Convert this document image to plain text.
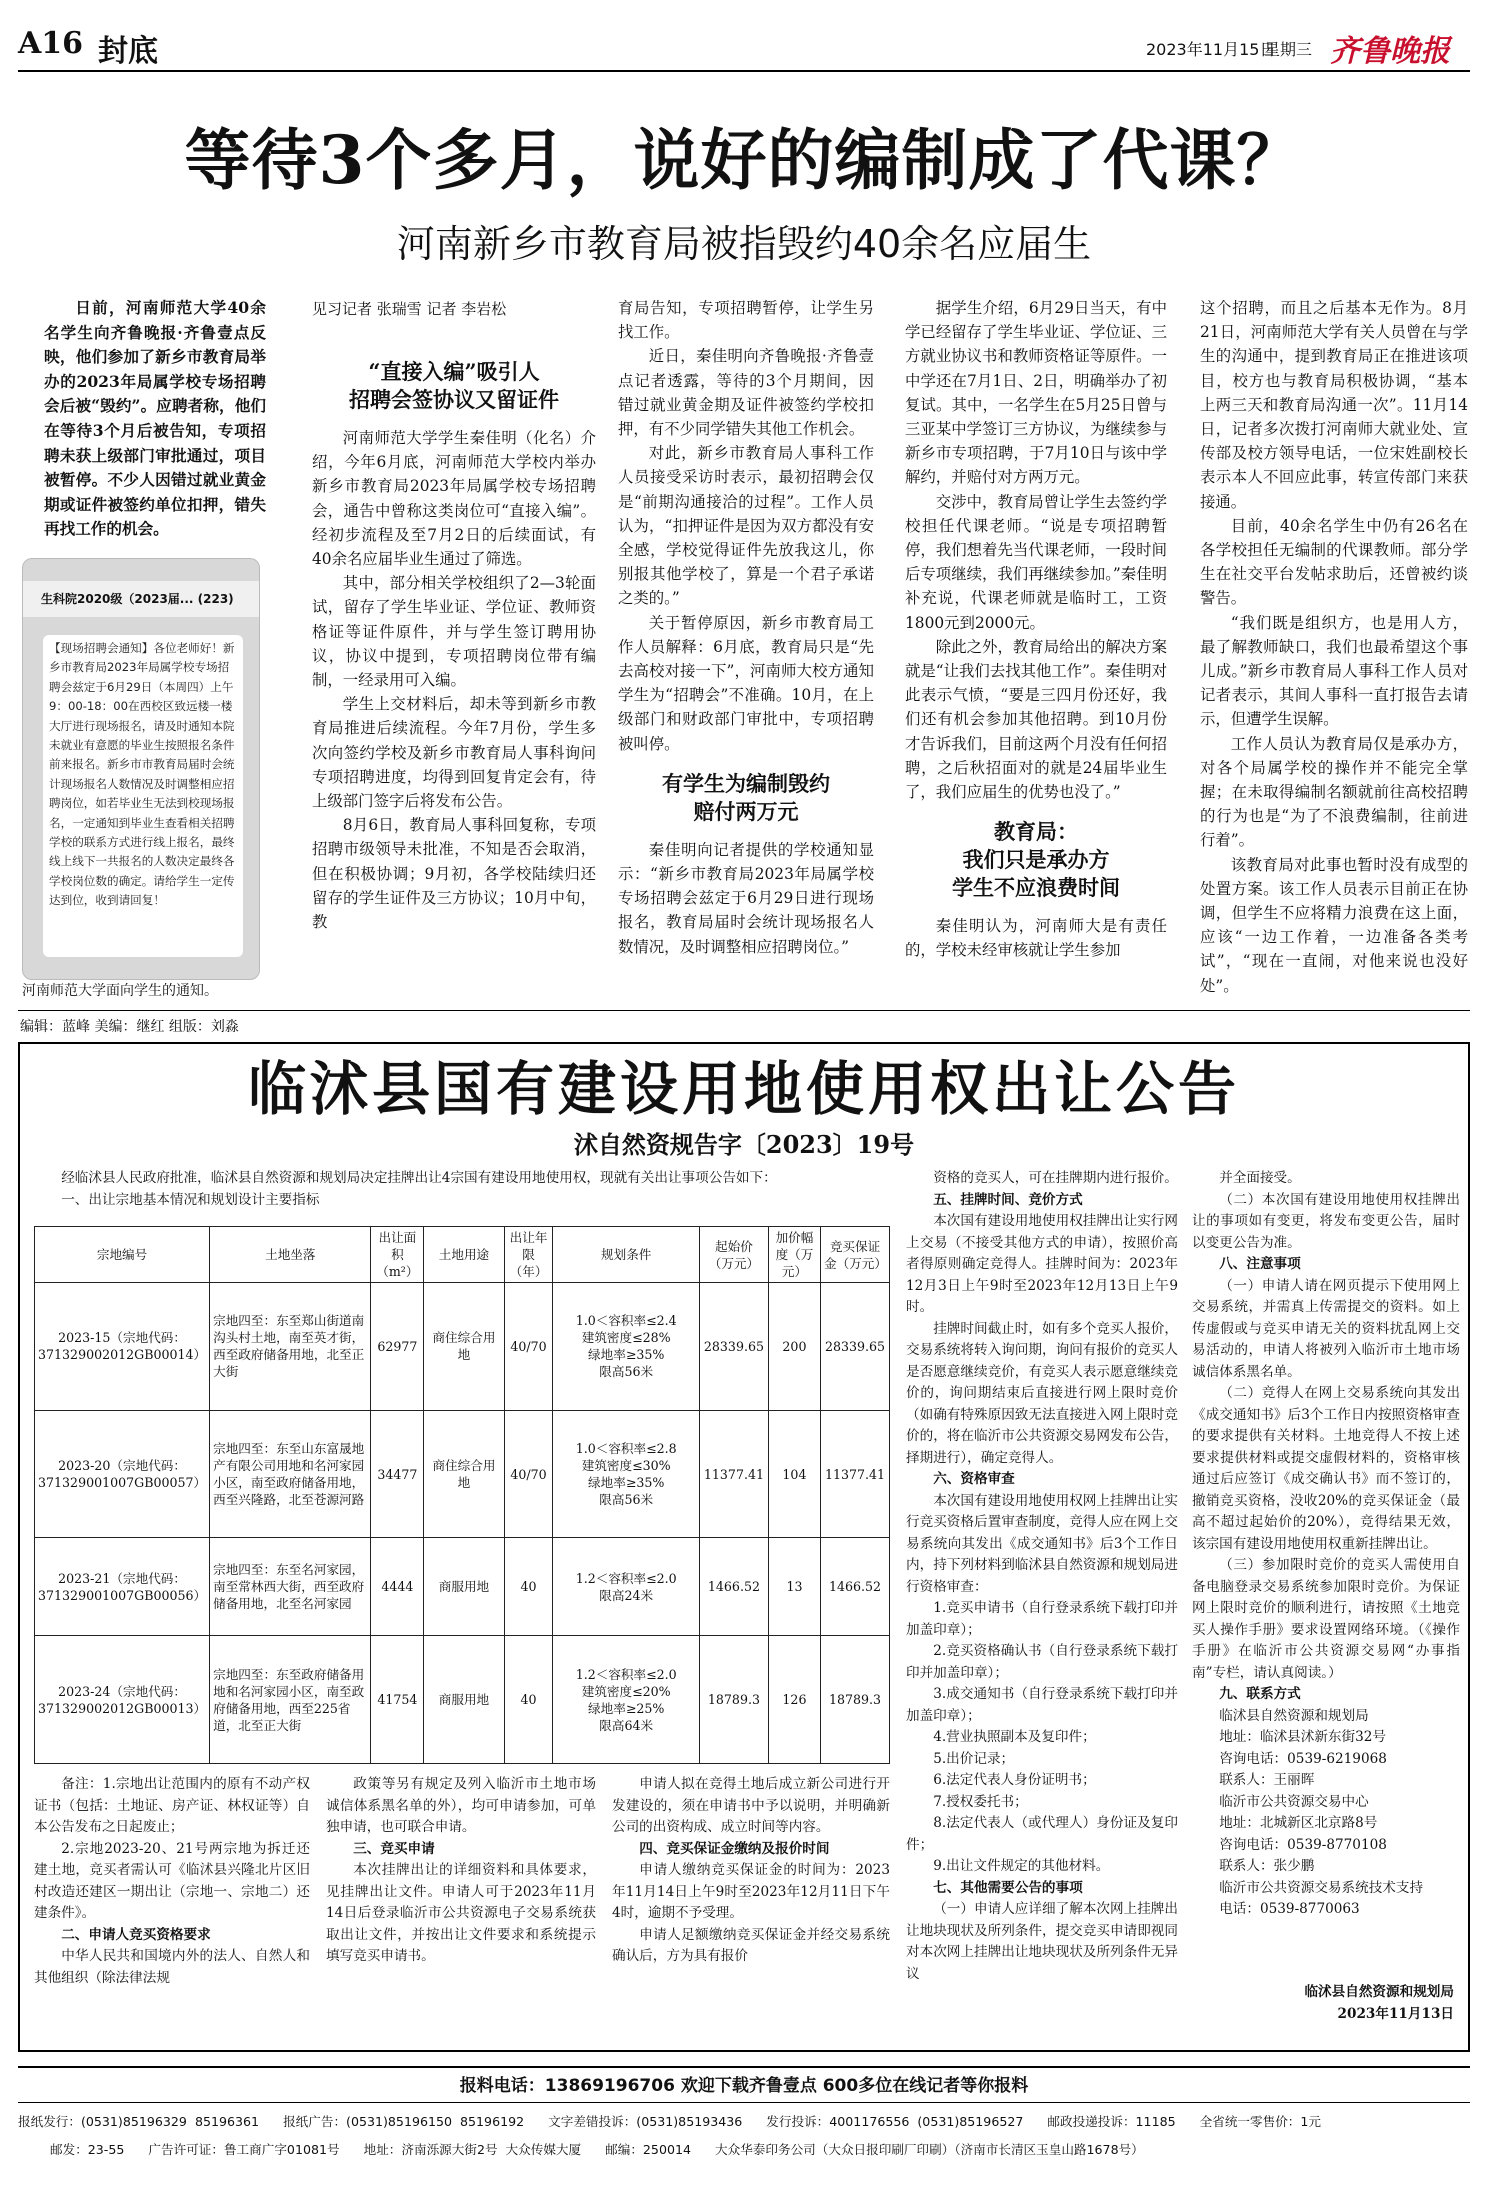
A16 封底	2023年11月15日
星期三 齐鲁晚报
等待3个多月，说好的编制成了代课？
河南新乡市教育局被指毁约40余名应届生
日前，河南师范大学40余名学生向齐鲁晚报·齐鲁壹点反映，他们参加了新乡市教育局举办的2023年局属学校专场招聘会后被“毁约”。应聘者称，他们在等待3个月后被告知，专项招聘未获上级部门审批通过，项目被暂停。不少人因错过就业黄金期或证件被签约单位扣押，错失再找工作的机会。
生科院2020级（2023届... (223)
【现场招聘会通知】各位老师好！新乡市教育局2023年局属学校专场招聘会兹定于6月29日（本周四）上午9：00-18：00在西校区致远楼一楼大厅进行现场报名，请及时通知本院未就业有意愿的毕业生按照报名条件前来报名。新乡市市教育局届时会统计现场报名人数情况及时调整相应招聘岗位，如若毕业生无法到校现场报名，一定通知到毕业生查看相关招聘学校的联系方式进行线上报名，最终线上线下一共报名的人数决定最终各学校岗位数的确定。请给学生一定传达到位，收到请回复！
河南师范大学面向学生的通知。
见习记者 张瑞雪 记者 李岩松
“直接入编”吸引人
招聘会签协议又留证件

河南师范大学学生秦佳明（化名）介绍，今年6月底，河南师范大学校内举办新乡市教育局2023年局属学校专场招聘会，通告中曾称这类岗位可“直接入编”。经初步流程及至7月2日的后续面试，有40余名应届毕业生通过了筛选。

其中，部分相关学校组织了2—3轮面试，留存了学生毕业证、学位证、教师资格证等证件原件，并与学生签订聘用协议，协议中提到，专项招聘岗位带有编制，一经录用可入编。

学生上交材料后，却未等到新乡市教育局推进后续流程。今年7月份，学生多次向签约学校及新乡市教育局人事科询问专项招聘进度，均得到回复肯定会有，待上级部门签字后将发布公告。

8月6日，教育局人事科回复称，专项招聘市级领导未批准，不知是否会取消，但在积极协调；9月初，各学校陆续归还留存的学生证件及三方协议；10月中旬，教

育局告知，专项招聘暂停，让学生另找工作。

近日，秦佳明向齐鲁晚报·齐鲁壹点记者透露，等待的3个月期间，因错过就业黄金期及证件被签约学校扣押，有不少同学错失其他工作机会。

对此，新乡市教育局人事科工作人员接受采访时表示，最初招聘会仅是“前期沟通接洽的过程”。工作人员认为，“扣押证件是因为双方都没有安全感，学校觉得证件先放我这儿，你别报其他学校了，算是一个君子承诺之类的。”

关于暂停原因，新乡市教育局工作人员解释：6月底，教育局只是“先去高校对接一下”，河南师大校方通知学生为“招聘会”不准确。10月，在上级部门和财政部门审批中，专项招聘被叫停。

有学生为编制毁约
赔付两万元

秦佳明向记者提供的学校通知显示：“新乡市教育局2023年局属学校专场招聘会兹定于6月29日进行现场报名，教育局届时会统计现场报名人数情况，及时调整相应招聘岗位。”

据学生介绍，6月29日当天，有中学已经留存了学生毕业证、学位证、三方就业协议书和教师资格证等原件。一中学还在7月1日、2日，明确举办了初复试。其中，一名学生在5月25日曾与三亚某中学签订三方协议，为继续参与新乡市专项招聘，于7月10日与该中学解约，并赔付对方两万元。

交涉中，教育局曾让学生去签约学校担任代课老师。“说是专项招聘暂停，我们想着先当代课老师，一段时间后专项继续，我们再继续参加。”秦佳明补充说，代课老师就是临时工，工资1800元到2000元。

除此之外，教育局给出的解决方案就是“让我们去找其他工作”。秦佳明对此表示气愤，“要是三四月份还好，我们还有机会参加其他招聘。到10月份才告诉我们，目前这两个月没有任何招聘，之后秋招面对的就是24届毕业生了，我们应届生的优势也没了。”

教育局：
我们只是承办方
学生不应浪费时间

秦佳明认为，河南师大是有责任的，学校未经审核就让学生参加

这个招聘，而且之后基本无作为。8月21日，河南师范大学有关人员曾在与学生的沟通中，提到教育局正在推进该项目，校方也与教育局积极协调，“基本上两三天和教育局沟通一次”。11月14日，记者多次拨打河南师大就业处、宣传部及校方领导电话，一位宋姓副校长表示本人不回应此事，转宣传部门来获接通。

目前，40余名学生中仍有26名在各学校担任无编制的代课教师。部分学生在社交平台发帖求助后，还曾被约谈警告。

“我们既是组织方，也是用人方，最了解教师缺口，我们也最希望这个事儿成。”新乡市教育局人事科工作人员对记者表示，其间人事科一直打报告去请示，但遭学生误解。

工作人员认为教育局仅是承办方，对各个局属学校的操作并不能完全掌握；在未取得编制名额就前往高校招聘的行为也是“为了不浪费编制，往前进行着”。

该教育局对此事也暂时没有成型的处置方案。该工作人员表示目前正在协调，但学生不应将精力浪费在这上面，应该“一边工作着，一边准备各类考试”，“现在一直闹，对他来说也没好处”。

编辑：蓝峰 美编：继红 组版：刘淼
临沭县国有建设用地使用权出让公告
沭自然资规告字〔2023〕19号

经临沭县人民政府批准，临沭县自然资源和规划局决定挂牌出让4宗国有建设用地使用权，现就有关出让事项公告如下：

一、出让宗地基本情况和规划设计主要指标

宗地编号	土地坐落	出让面积（m²）	土地用途	出让年限（年）	规划条件	起始价（万元）	加价幅度（万元）	竞买保证金（万元）
2023-15（宗地代码：371329002012GB00014）	宗地四至：东至郑山街道南沟头村土地，南至英才街，西至政府储备用地，北至正大街	62977	商住综合用地	40/70	1.0＜容积率≤2.4
建筑密度≤28%
绿地率≥35%
限高56米	28339.65	200	28339.65
2023-20（宗地代码：371329001007GB00057）	宗地四至：东至山东富晟地产有限公司用地和名河家园小区，南至政府储备用地，西至兴隆路，北至苍源河路	34477	商住综合用地	40/70	1.0＜容积率≤2.8
建筑密度≤30%
绿地率≥35%
限高56米	11377.41	104	11377.41
2023-21（宗地代码：371329001007GB00056）	宗地四至：东至名河家园，南至常林西大街，西至政府储备用地，北至名河家园	4444	商服用地	40	1.2＜容积率≤2.0
限高24米	1466.52	13	1466.52
2023-24（宗地代码：371329002012GB00013）	宗地四至：东至政府储备用地和名河家园小区，南至政府储备用地，西至225省道，北至正大街	41754	商服用地	40	1.2＜容积率≤2.0
建筑密度≤20%
绿地率≥25%
限高64米	18789.3	126	18789.3

备注：1.宗地出让范围内的原有不动产权证书（包括：土地证、房产证、林权证等）自本公告发布之日起废止；

2.宗地2023-20、21号两宗地为拆迁还建土地，竞买者需认可《临沭县兴隆北片区旧村改造还建区一期出让（宗地一、宗地二）还建条件》。

二、申请人竞买资格要求

中华人民共和国境内外的法人、自然人和其他组织（除法律法规

政策等另有规定及列入临沂市土地市场诚信体系黑名单的外），均可申请参加，可单独申请，也可联合申请。

三、竞买申请

本次挂牌出让的详细资料和具体要求，见挂牌出让文件。申请人可于2023年11月14日后登录临沂市公共资源电子交易系统获取出让文件，并按出让文件要求和系统提示填写竞买申请书。

申请人拟在竞得土地后成立新公司进行开发建设的，须在申请书中予以说明，并明确新公司的出资构成、成立时间等内容。

四、竞买保证金缴纳及报价时间

申请人缴纳竞买保证金的时间为：2023年11月14日上午9时至2023年12月11日下午4时，逾期不予受理。

申请人足额缴纳竞买保证金并经交易系统确认后，方为具有报价

资格的竞买人，可在挂牌期内进行报价。

五、挂牌时间、竞价方式

本次国有建设用地使用权挂牌出让实行网上交易（不接受其他方式的申请），按照价高者得原则确定竞得人。挂牌时间为：2023年12月3日上午9时至2023年12月13日上午9时。

挂牌时间截止时，如有多个竞买人报价，交易系统将转入询问期，询问有报价的竞买人是否愿意继续竞价，有竞买人表示愿意继续竞价的，询问期结束后直接进行网上限时竞价（如确有特殊原因致无法直接进入网上限时竞价的，将在临沂市公共资源交易网发布公告，择期进行），确定竞得人。

六、资格审查

本次国有建设用地使用权网上挂牌出让实行竞买资格后置审查制度，竞得人应在网上交易系统向其发出《成交通知书》后3个工作日内，持下列材料到临沭县自然资源和规划局进行资格审查：

1.竞买申请书（自行登录系统下载打印并加盖印章）；

2.竞买资格确认书（自行登录系统下载打印并加盖印章）；

3.成交通知书（自行登录系统下载打印并加盖印章）；

4.营业执照副本及复印件；

5.出价记录；

6.法定代表人身份证明书；

7.授权委托书；

8.法定代表人（或代理人）身份证及复印件；

9.出让文件规定的其他材料。

七、其他需要公告的事项

（一）申请人应详细了解本次网上挂牌出让地块现状及所列条件，提交竞买申请即视同对本次网上挂牌出让地块现状及所列条件无异议

并全面接受。

（二）本次国有建设用地使用权挂牌出让的事项如有变更，将发布变更公告，届时以变更公告为准。

八、注意事项

（一）申请人请在网页提示下使用网上交易系统，并需真上传需提交的资料。如上传虚假或与竞买申请无关的资料扰乱网上交易活动的，申请人将被列入临沂市土地市场诚信体系黑名单。

（二）竞得人在网上交易系统向其发出《成交通知书》后3个工作日内按照资格审查的要求提供有关材料。土地竞得人不按上述要求提供材料或提交虚假材料的，资格审核通过后应签订《成交确认书》而不签订的，撤销竞买资格，没收20%的竞买保证金（最高不超过起始价的20%），竞得结果无效，该宗国有建设用地使用权重新挂牌出让。

（三）参加限时竞价的竞买人需使用自备电脑登录交易系统参加限时竞价。为保证网上限时竞价的顺利进行，请按照《土地竞买人操作手册》要求设置网络环境。（《操作手册》在临沂市公共资源交易网“办事指南”专栏，请认真阅读。）

九、联系方式

临沭县自然资源和规划局

地址：临沭县沭新东街32号

咨询电话：0539-6219068

联系人：王丽晖

临沂市公共资源交易中心

地址：北城新区北京路8号

咨询电话：0539-8770108

联系人：张少鹏

临沂市公共资源交易系统技术支持

电话：0539-8770063

临沭县自然资源和规划局
2023年11月13日
报料电话：13869196706 欢迎下载齐鲁壹点 600多位在线记者等你报料
报纸发行：(0531)85196329  85196361      报纸广告：(0531)85196150  85196192      文字差错投诉：(0531)85193436      发行投诉：4001176556  (0531)85196527      邮政投递投诉：11185      全省统一零售价：1元
邮发：23-55      广告许可证：鲁工商广字01081号      地址：济南泺源大街2号  大众传媒大厦      邮编：250014      大众华泰印务公司（大众日报印刷厂印刷）（济南市长清区玉皇山路1678号）
